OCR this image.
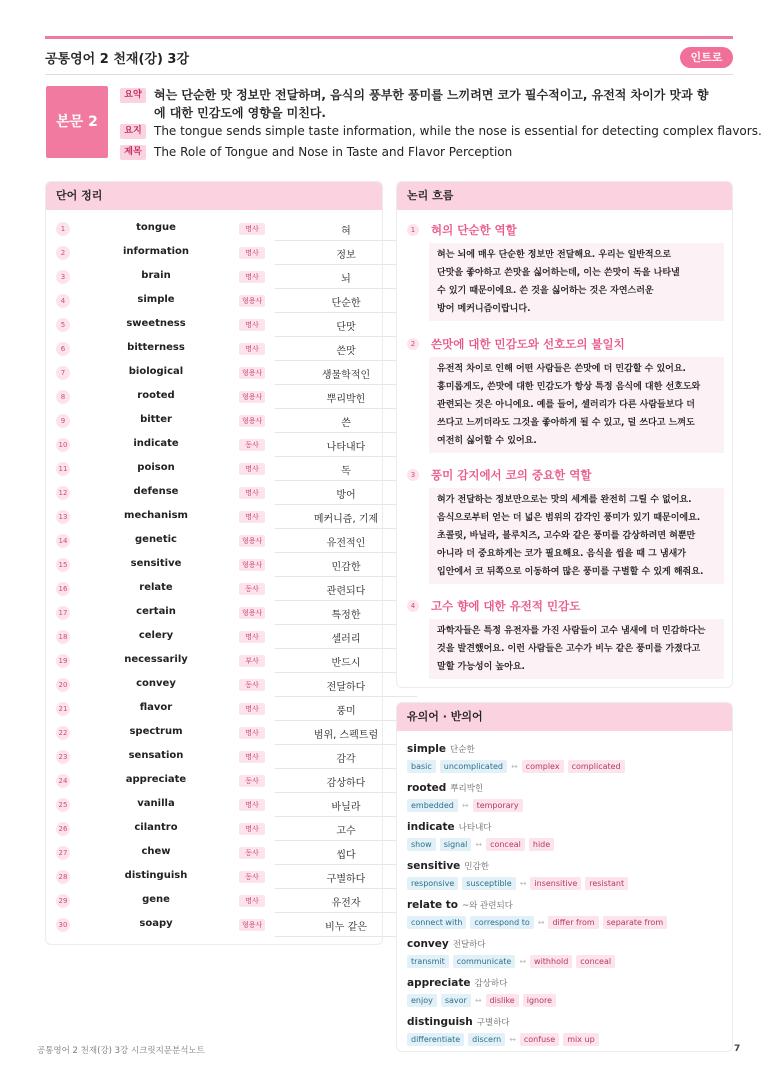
공통영어 2 천재(강) 3강	인트로
본문 2
요약	혀는 단순한 맛 정보만 전달하며, 음식의 풍부한 풍미를 느끼려면 코가 필수적이고, 유전적 차이가 맛과 향에 대한 민감도에 영향을 미친다.
요지	The tongue sends simple taste information, while the nose is essential for detecting complex flavors.
제목	The Role of Tongue and Nose in Taste and Flavor Perception
단어 정리
1	tongue	명사	혀
2	information	명사	정보
3	brain	명사	뇌
4	simple	형용사	단순한
5	sweetness	명사	단맛
6	bitterness	명사	쓴맛
7	biological	형용사	생물학적인
8	rooted	형용사	뿌리박힌
9	bitter	형용사	쓴
10	indicate	동사	나타내다
11	poison	명사	독
12	defense	명사	방어
13	mechanism	명사	메커니즘, 기제
14	genetic	형용사	유전적인
15	sensitive	형용사	민감한
16	relate	동사	관련되다
17	certain	형용사	특정한
18	celery	명사	셀러리
19	necessarily	부사	반드시
20	convey	동사	전달하다
21	flavor	명사	풍미
22	spectrum	명사	범위, 스펙트럼
23	sensation	명사	감각
24	appreciate	동사	감상하다
25	vanilla	명사	바닐라
26	cilantro	명사	고수
27	chew	동사	씹다
28	distinguish	동사	구별하다
29	gene	명사	유전자
30	soapy	형용사	비누 같은
논리 흐름
1	혀의 단순한 역할
혀는 뇌에 매우 단순한 정보만 전달해요. 우리는 일반적으로
단맛을 좋아하고 쓴맛을 싫어하는데, 이는 쓴맛이 독을 나타낼
수 있기 때문이에요. 쓴 것을 싫어하는 것은 자연스러운
방어 메커니즘이랍니다.
2	쓴맛에 대한 민감도와 선호도의 불일치
유전적 차이로 인해 어떤 사람들은 쓴맛에 더 민감할 수 있어요.
흥미롭게도, 쓴맛에 대한 민감도가 항상 특정 음식에 대한 선호도와
관련되는 것은 아니에요. 예를 들어, 셀러리가 다른 사람들보다 더
쓰다고 느끼더라도 그것을 좋아하게 될 수 있고, 덜 쓰다고 느껴도
여전히 싫어할 수 있어요.
3	풍미 감지에서 코의 중요한 역할
혀가 전달하는 정보만으로는 맛의 세계를 완전히 그릴 수 없어요.
음식으로부터 얻는 더 넓은 범위의 감각인 풍미가 있기 때문이에요.
초콜릿, 바닐라, 블루치즈, 고수와 같은 풍미를 감상하려면 혀뿐만
아니라 더 중요하게는 코가 필요해요. 음식을 씹을 때 그 냄새가
입안에서 코 뒤쪽으로 이동하여 많은 풍미를 구별할 수 있게 해줘요.
4	고수 향에 대한 유전적 민감도
과학자들은 특정 유전자를 가진 사람들이 고수 냄새에 더 민감하다는
것을 발견했어요. 이런 사람들은 고수가 비누 같은 풍미를 가졌다고
말할 가능성이 높아요.
유의어 · 반의어
simple 단순한
basic	uncomplicated	↔	complex	complicated
rooted 뿌리박힌
embedded	↔	temporary
indicate 나타내다
show	signal	↔	conceal	hide
sensitive 민감한
responsive	susceptible	↔	insensitive	resistant
relate to ~와 관련되다
connect with	correspond to	↔	differ from	separate from
convey 전달하다
transmit	communicate	↔	withhold	conceal
appreciate 감상하다
enjoy	savor	↔	dislike	ignore
distinguish 구별하다
differentiate	discern	↔	confuse	mix up
공통영어 2 천재(강) 3강 시크릿지문분석노트	7
